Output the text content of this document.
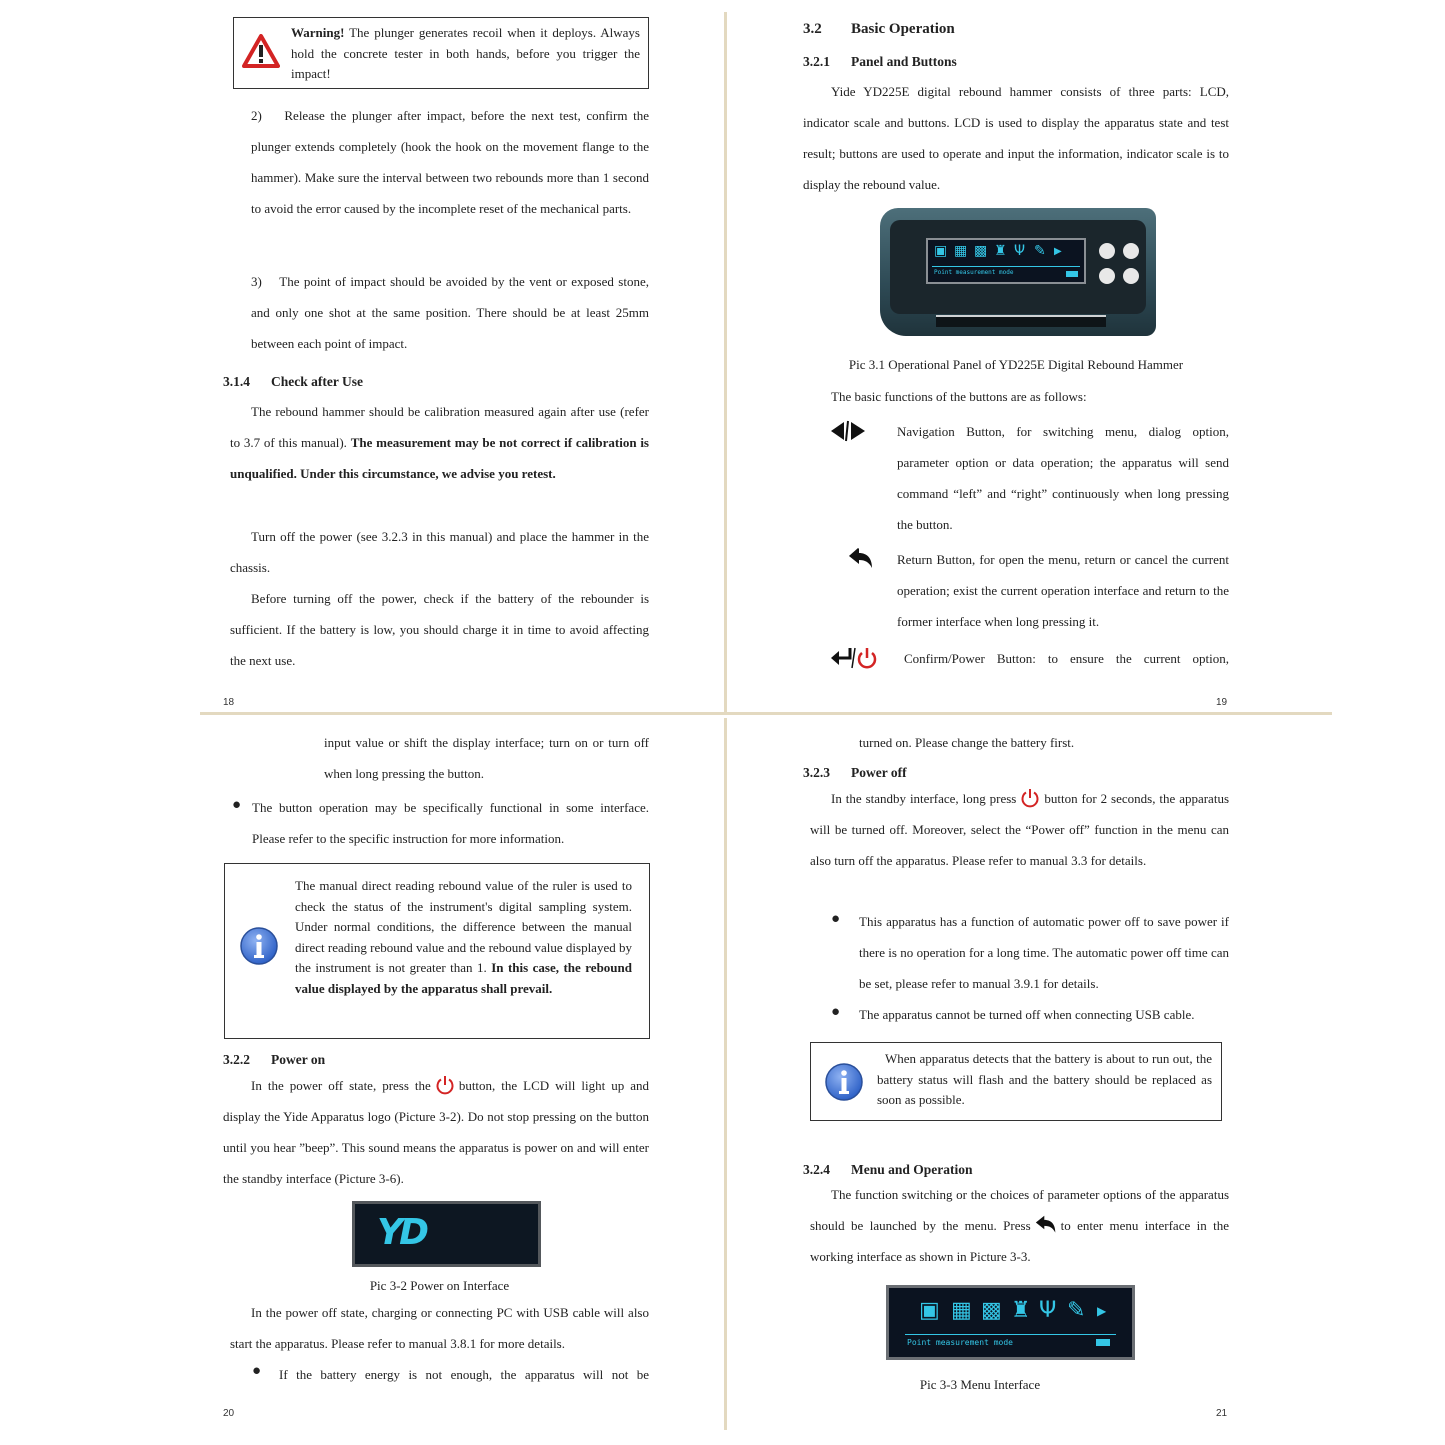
Warning! The plunger generates recoil when it deploys. Always hold the concrete tester in both hands, before you trigger the impact!
2)    Release the plunger after impact, before the next test, confirm the plunger extends completely (hook the hook on the movement flange to the hammer). Make sure the interval between two rebounds more than 1 second to avoid the error caused by the incomplete reset of the mechanical parts.
3)    The point of impact should be avoided by the vent or exposed stone, and only one shot at the same position. There should be at least 25mm between each point of impact.
3.1.4 Check after Use
The rebound hammer should be calibration measured again after use (refer to 3.7 of this manual). The measurement may be not correct if calibration is unqualified. Under this circumstance, we advise you retest.
Turn off the power (see 3.2.3 in this manual) and place the hammer in the chassis.
Before turning off the power, check if the battery of the rebounder is sufficient. If the battery is low, you should charge it in time to avoid affecting the next use.
18
3.2 Basic Operation
3.2.1 Panel and Buttons
Yide YD225E digital rebound hammer consists of three parts: LCD, indicator scale and buttons. LCD is used to display the apparatus state and test result; buttons are used to operate and input the information, indicator scale is to display the rebound value.
▣ ▦ ▩ ♜ Ψ ✎ ▶
Point measurement mode
Pic 3.1 Operational Panel of YD225E Digital Rebound Hammer
The basic functions of the buttons are as follows:
Navigation Button, for switching menu, dialog option, parameter option or data operation; the apparatus will send command “left” and “right” continuously when long pressing the button.
Return Button, for open the menu, return or cancel the current operation; exist the current operation interface and return to the former interface when long pressing it.
Confirm/Power Button: to ensure the current option,
19
input value or shift the display interface; turn on or turn off when long pressing the button.
● The button operation may be specifically functional in some interface. Please refer to the specific instruction for more information.
The manual direct reading rebound value of the ruler is used to check the status of the instrument's digital sampling system. Under normal conditions, the difference between the manual direct reading rebound value and the rebound value displayed by the instrument is not greater than 1. In this case, the rebound value displayed by the apparatus shall prevail.
3.2.2 Power on
In the power off state, press the button, the LCD will light up and display the Yide Apparatus logo (Picture 3-2). Do not stop pressing on the button until you hear ”beep”. This sound means the apparatus is power on and will enter the standby interface (Picture 3-6).
YD
Pic 3-2 Power on Interface
In the power off state, charging or connecting PC with USB cable will also start the apparatus. Please refer to manual 3.8.1 for more details.
● If the battery energy is not enough, the apparatus will not be
20
turned on. Please change the battery first.
3.2.3 Power off
In the standby interface, long press button for 2 seconds, the apparatus will be turned off. Moreover, select the “Power off” function in the menu can also turn off the apparatus. Please refer to manual 3.3 for details.
● This apparatus has a function of automatic power off to save power if there is no operation for a long time. The automatic power off time can be set, please refer to manual 3.9.1 for details.
● The apparatus cannot be turned off when connecting USB cable.
When apparatus detects that the battery is about to run out, the battery status will flash and the battery should be replaced as soon as possible.
3.2.4 Menu and Operation
The function switching or the choices of parameter options of the apparatus should be launched by the menu. Press to enter menu interface in the working interface as shown in Picture 3-3.
▣ ▦ ▩ ♜ Ψ ✎ ▶
Point measurement mode
Pic 3-3 Menu Interface
21
